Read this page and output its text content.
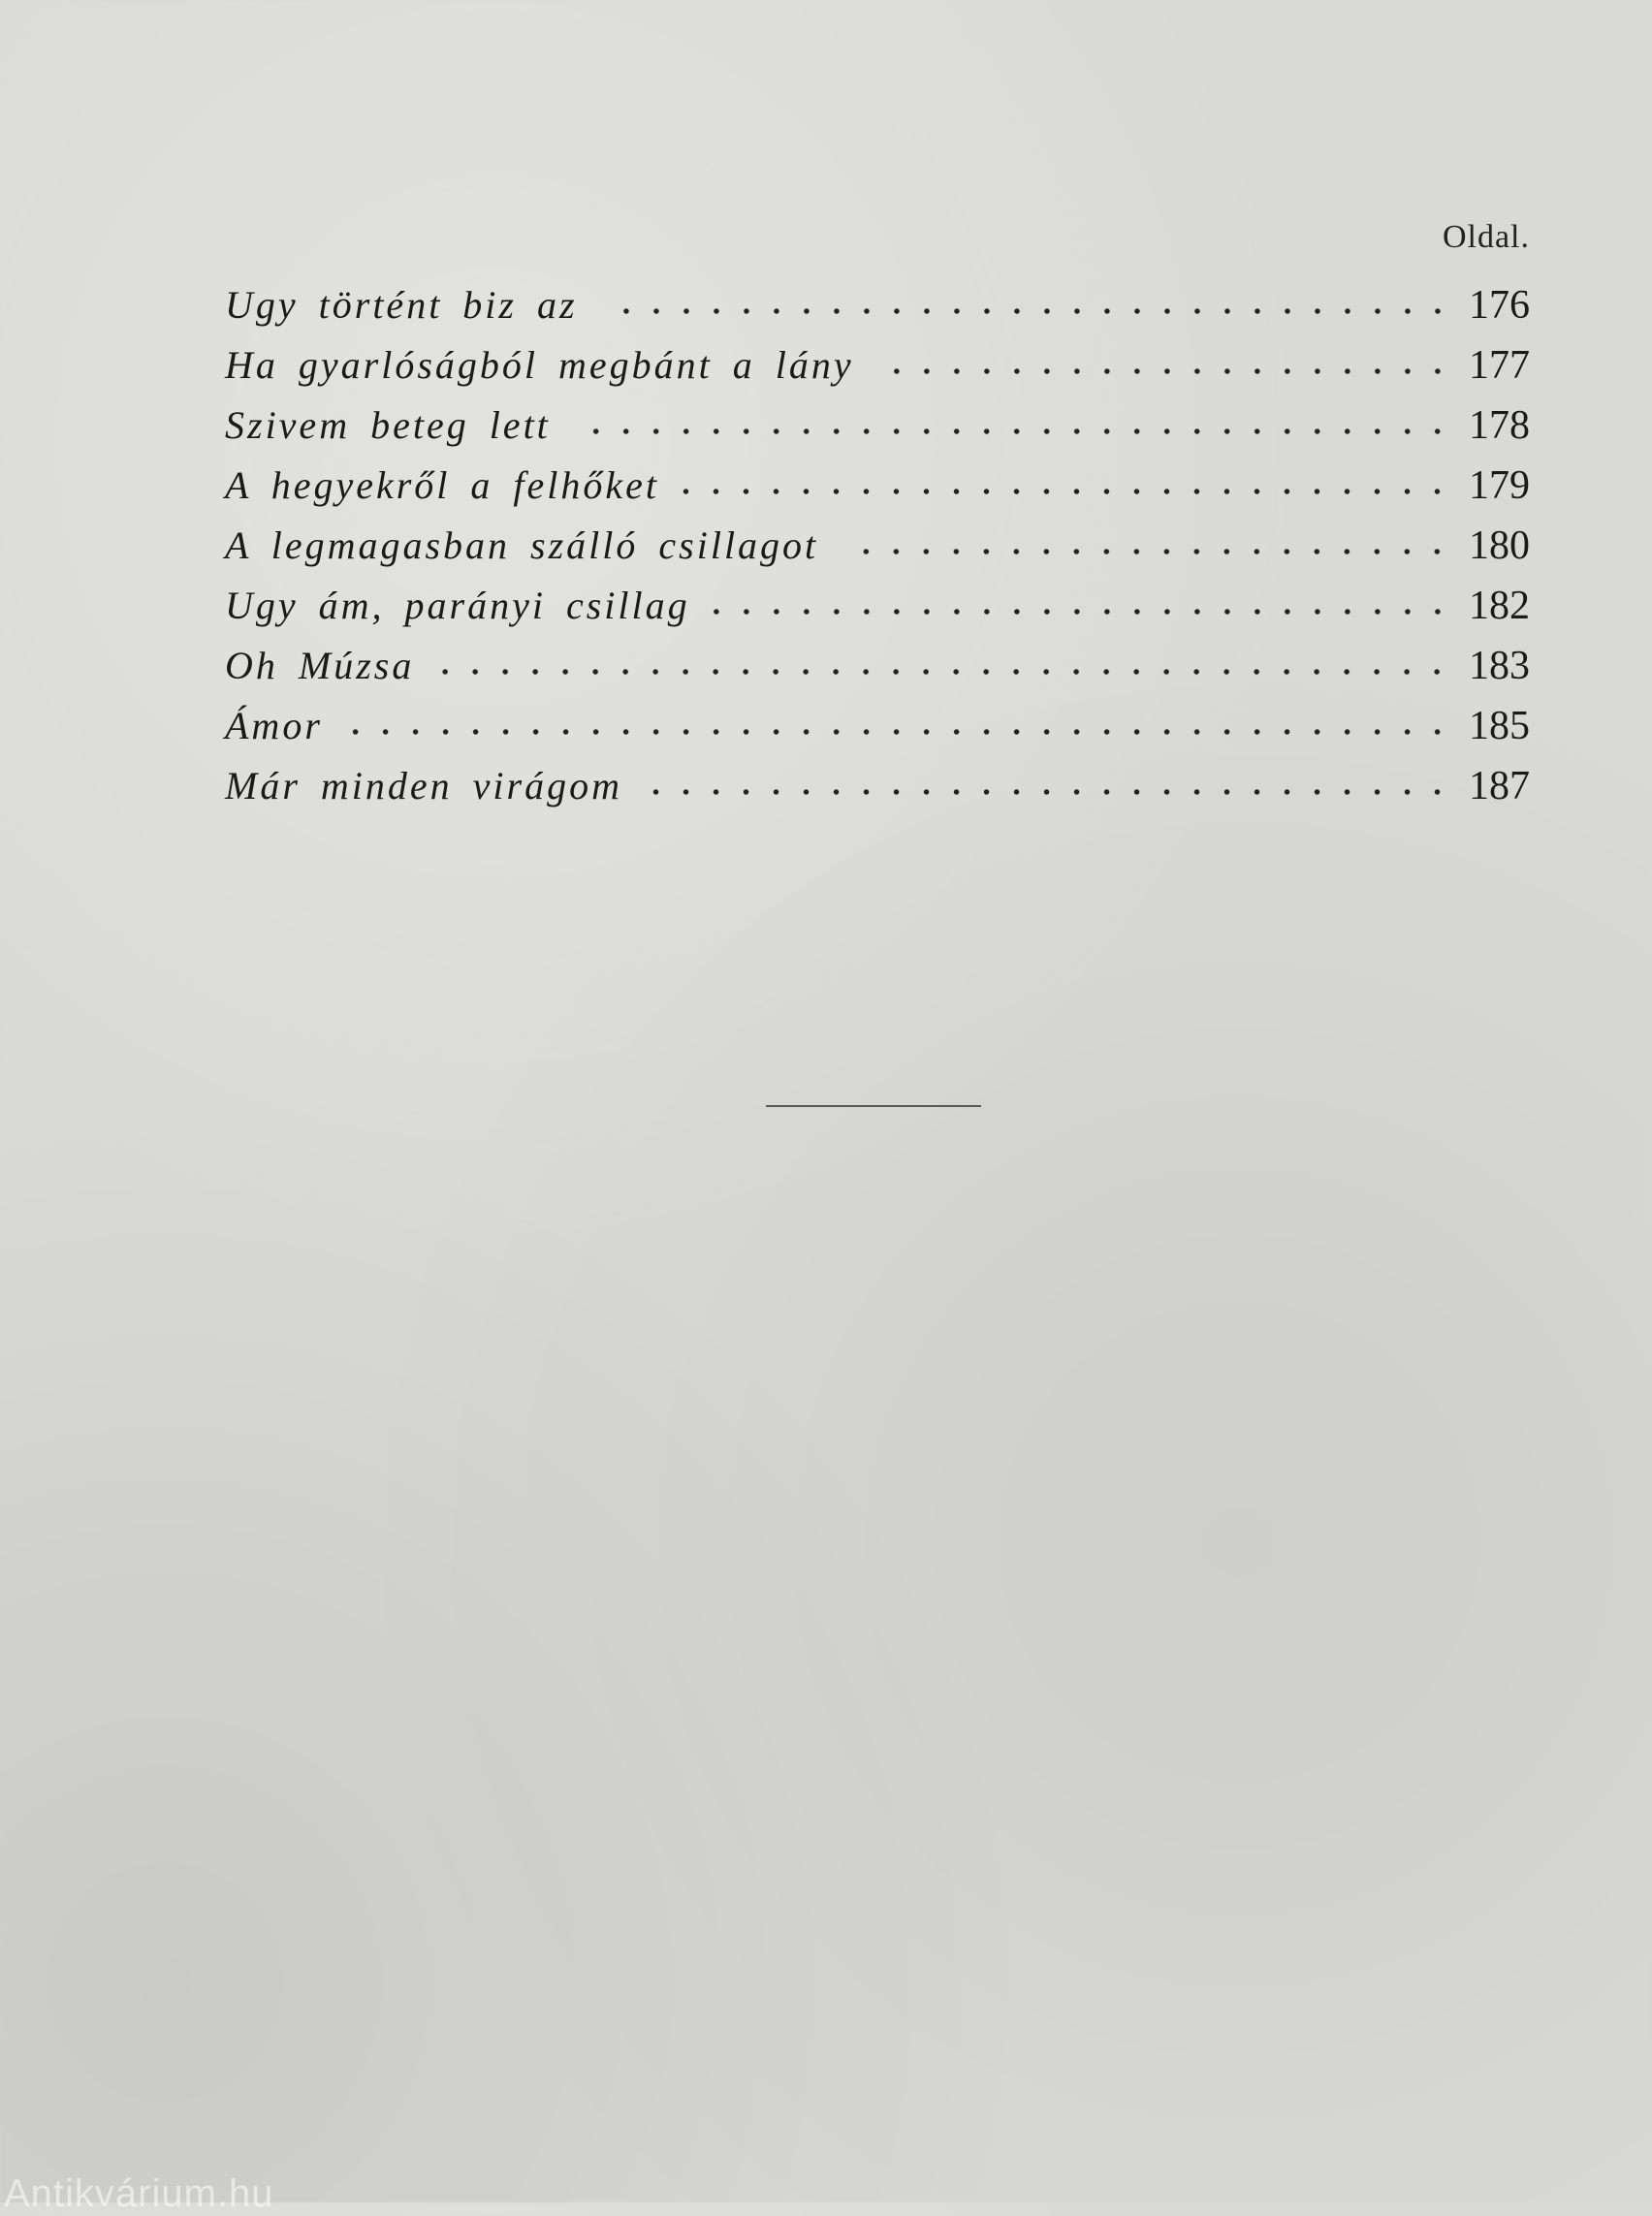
Oldal.
Ugy történt biz az	176
Ha gyarlóságból megbánt a lány	177
Szivem beteg lett	178
A hegyekről a felhőket	179
A legmagasban szálló csillagot	180
Ugy ám, parányi csillag	182
Oh Múzsa	183
Ámor	185
Már minden virágom	187
Antikvárium.hu
